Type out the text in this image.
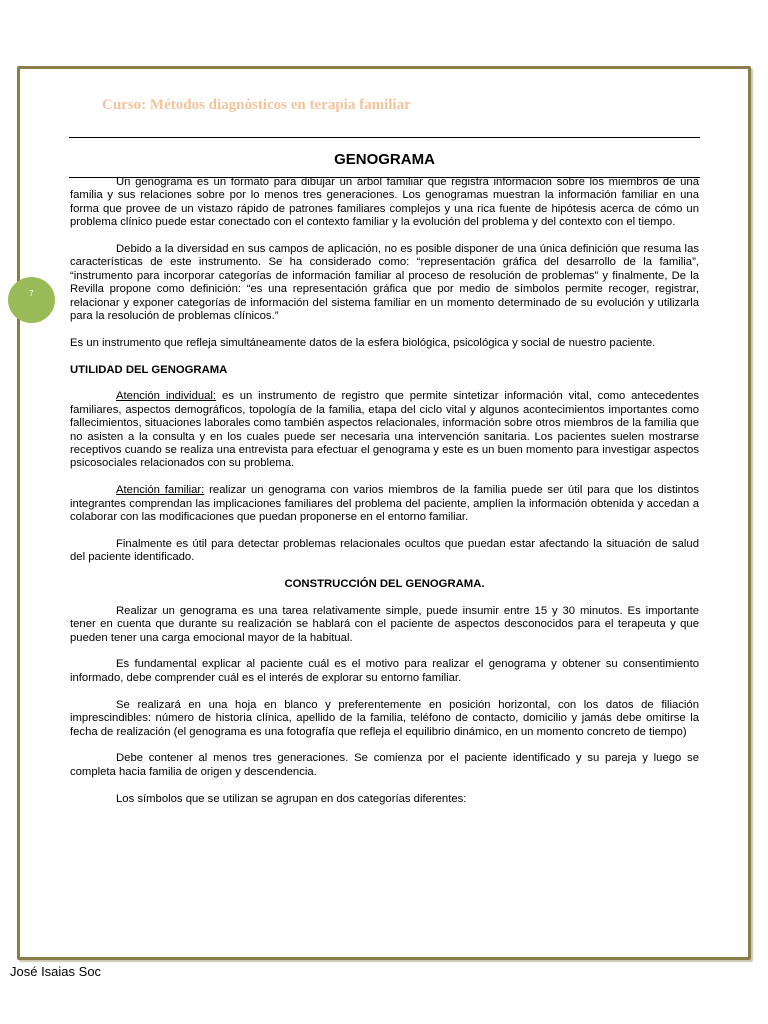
Curso: Métodos diagnósticos en terapia familiar
GENOGRAMA
7

Un genograma es un formato para dibujar un árbol familiar que registra información sobre los miembros de una familia y sus relaciones sobre por lo menos tres generaciones. Los genogramas muestran la información familiar en una forma que provee de un vistazo rápido de patrones familiares complejos y una rica fuente de hipótesis acerca de cómo un problema clínico puede estar conectado con el contexto familiar y la evolución del problema y del contexto con el tiempo.

Debido a la diversidad en sus campos de aplicación, no es posible disponer de una única definición que resuma las características de este instrumento. Se ha considerado como: “representación gráfica del desarrollo de la familia”, “instrumento para incorporar categorías de información familiar al proceso de resolución de problemas” y finalmente, De la Revilla propone como definición: “es una representación gráfica que por medio de símbolos permite recoger, registrar, relacionar y exponer categorías de información del sistema familiar en un momento determinado de su evolución y utilizarla para la resolución de problemas clínicos.”

Es un instrumento que refleja simultáneamente datos de la esfera biológica, psicológica y social de nuestro paciente.

UTILIDAD DEL GENOGRAMA

Atención individual: es un instrumento de registro que permite sintetizar información vital, como antecedentes familiares, aspectos demográficos, topología de la familia, etapa del ciclo vital y algunos acontecimientos importantes como fallecimientos, situaciones laborales como también aspectos relacionales, información sobre otros miembros de la familia que no asisten a la consulta y en los cuales puede ser necesaria una intervención sanitaria. Los pacientes suelen mostrarse receptivos cuando se realiza una entrevista para efectuar el genograma y este es un buen momento para investigar aspectos psicosociales relacionados con su problema.

Atención familiar: realizar un genograma con varios miembros de la familia puede ser útil para que los distintos integrantes comprendan las implicaciones familiares del problema del paciente, amplíen la información obtenida y accedan a colaborar con las modificaciones que puedan proponerse en el entorno familiar.

Finalmente es útil para detectar problemas relacionales ocultos que puedan estar afectando la situación de salud del paciente identificado.

CONSTRUCCIÓN DEL GENOGRAMA.

Realizar un genograma es una tarea relativamente simple, puede insumir entre 15 y 30 minutos. Es importante tener en cuenta que durante su realización se hablará con el paciente de aspectos desconocidos para el terapeuta y que pueden tener una carga emocional mayor de la habitual.

Es fundamental explicar al paciente cuál es el motivo para realizar el genograma y obtener su consentimiento informado, debe comprender cuál es el interés de explorar su entorno familiar.

Se realizará en una hoja en blanco y preferentemente en posición horizontal, con los datos de filiación imprescindibles: número de historia clínica, apellido de la familia, teléfono de contacto, domicilio y jamás debe omitirse la fecha de realización (el genograma es una fotografía que refleja el equilibrio dinámico, en un momento concreto de tiempo)

Debe contener al menos tres generaciones. Se comienza por el paciente identificado y su pareja y luego se completa hacia familia de origen y descendencia.

Los símbolos que se utilizan se agrupan en dos categorías diferentes:

José Isaias Soc
